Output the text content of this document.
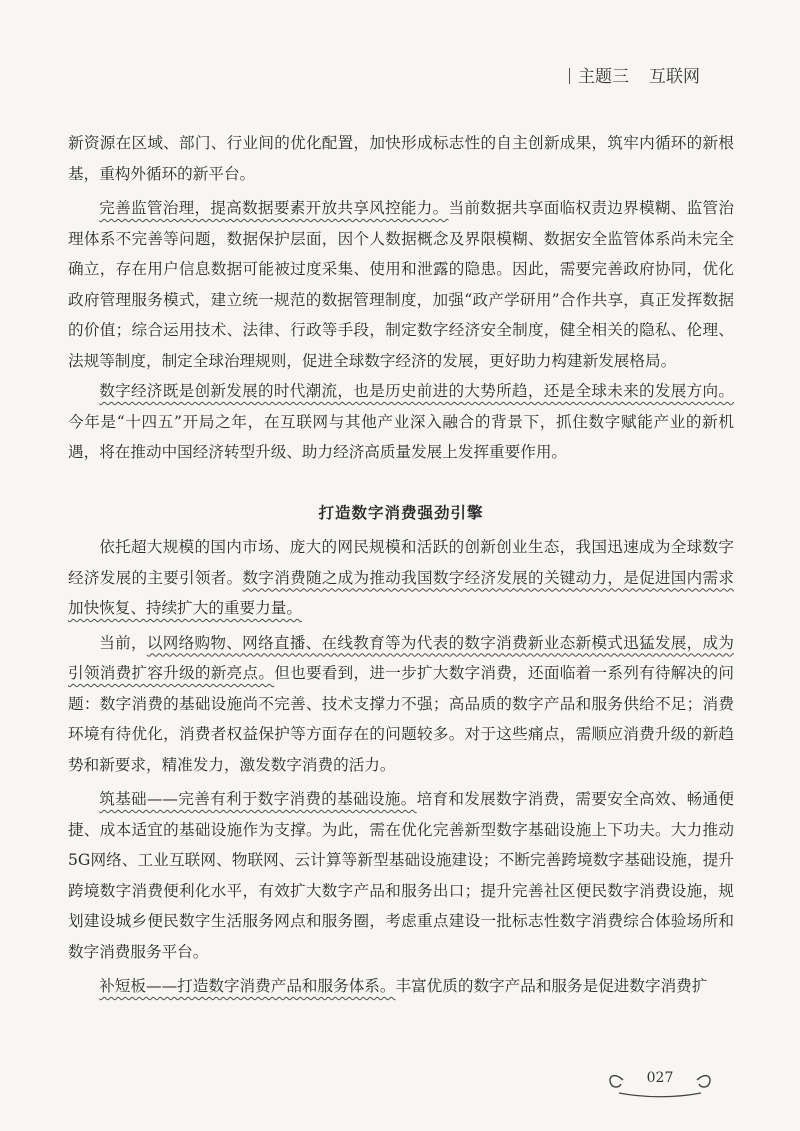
主题三 互联网

新资源在区域、部门、行业间的优化配置，加快形成标志性的自主创新成果，筑牢内循环的新根基，重构外循环的新平台。

完善监管治理，提高数据要素开放共享风控能力。当前数据共享面临权责边界模糊、监管治理体系不完善等问题，数据保护层面，因个人数据概念及界限模糊、数据安全监管体系尚未完全确立，存在用户信息数据可能被过度采集、使用和泄露的隐患。因此，需要完善政府协同，优化政府管理服务模式，建立统一规范的数据管理制度，加强“政产学研用”合作共享，真正发挥数据的价值；综合运用技术、法律、行政等手段，制定数字经济安全制度，健全相关的隐私、伦理、法规等制度，制定全球治理规则，促进全球数字经济的发展，更好助力构建新发展格局。

数字经济既是创新发展的时代潮流，也是历史前进的大势所趋，还是全球未来的发展方向。今年是“十四五”开局之年，在互联网与其他产业深入融合的背景下，抓住数字赋能产业的新机遇，将在推动中国经济转型升级、助力经济高质量发展上发挥重要作用。

打造数字消费强劲引擎

依托超大规模的国内市场、庞大的网民规模和活跃的创新创业生态，我国迅速成为全球数字经济发展的主要引领者。数字消费随之成为推动我国数字经济发展的关键动力，是促进国内需求加快恢复、持续扩大的重要力量。

当前，以网络购物、网络直播、在线教育等为代表的数字消费新业态新模式迅猛发展，成为引领消费扩容升级的新亮点。但也要看到，进一步扩大数字消费，还面临着一系列有待解决的问题：数字消费的基础设施尚不完善、技术支撑力不强；高品质的数字产品和服务供给不足；消费环境有待优化，消费者权益保护等方面存在的问题较多。对于这些痛点，需顺应消费升级的新趋势和新要求，精准发力，激发数字消费的活力。

筑基础——完善有利于数字消费的基础设施。培育和发展数字消费，需要安全高效、畅通便捷、成本适宜的基础设施作为支撑。为此，需在优化完善新型数字基础设施上下功夫。大力推动5G网络、工业互联网、物联网、云计算等新型基础设施建设；不断完善跨境数字基础设施，提升跨境数字消费便利化水平，有效扩大数字产品和服务出口；提升完善社区便民数字消费设施，规划建设城乡便民数字生活服务网点和服务圈，考虑重点建设一批标志性数字消费综合体验场所和数字消费服务平台。

补短板——打造数字消费产品和服务体系。丰富优质的数字产品和服务是促进数字消费扩

027
